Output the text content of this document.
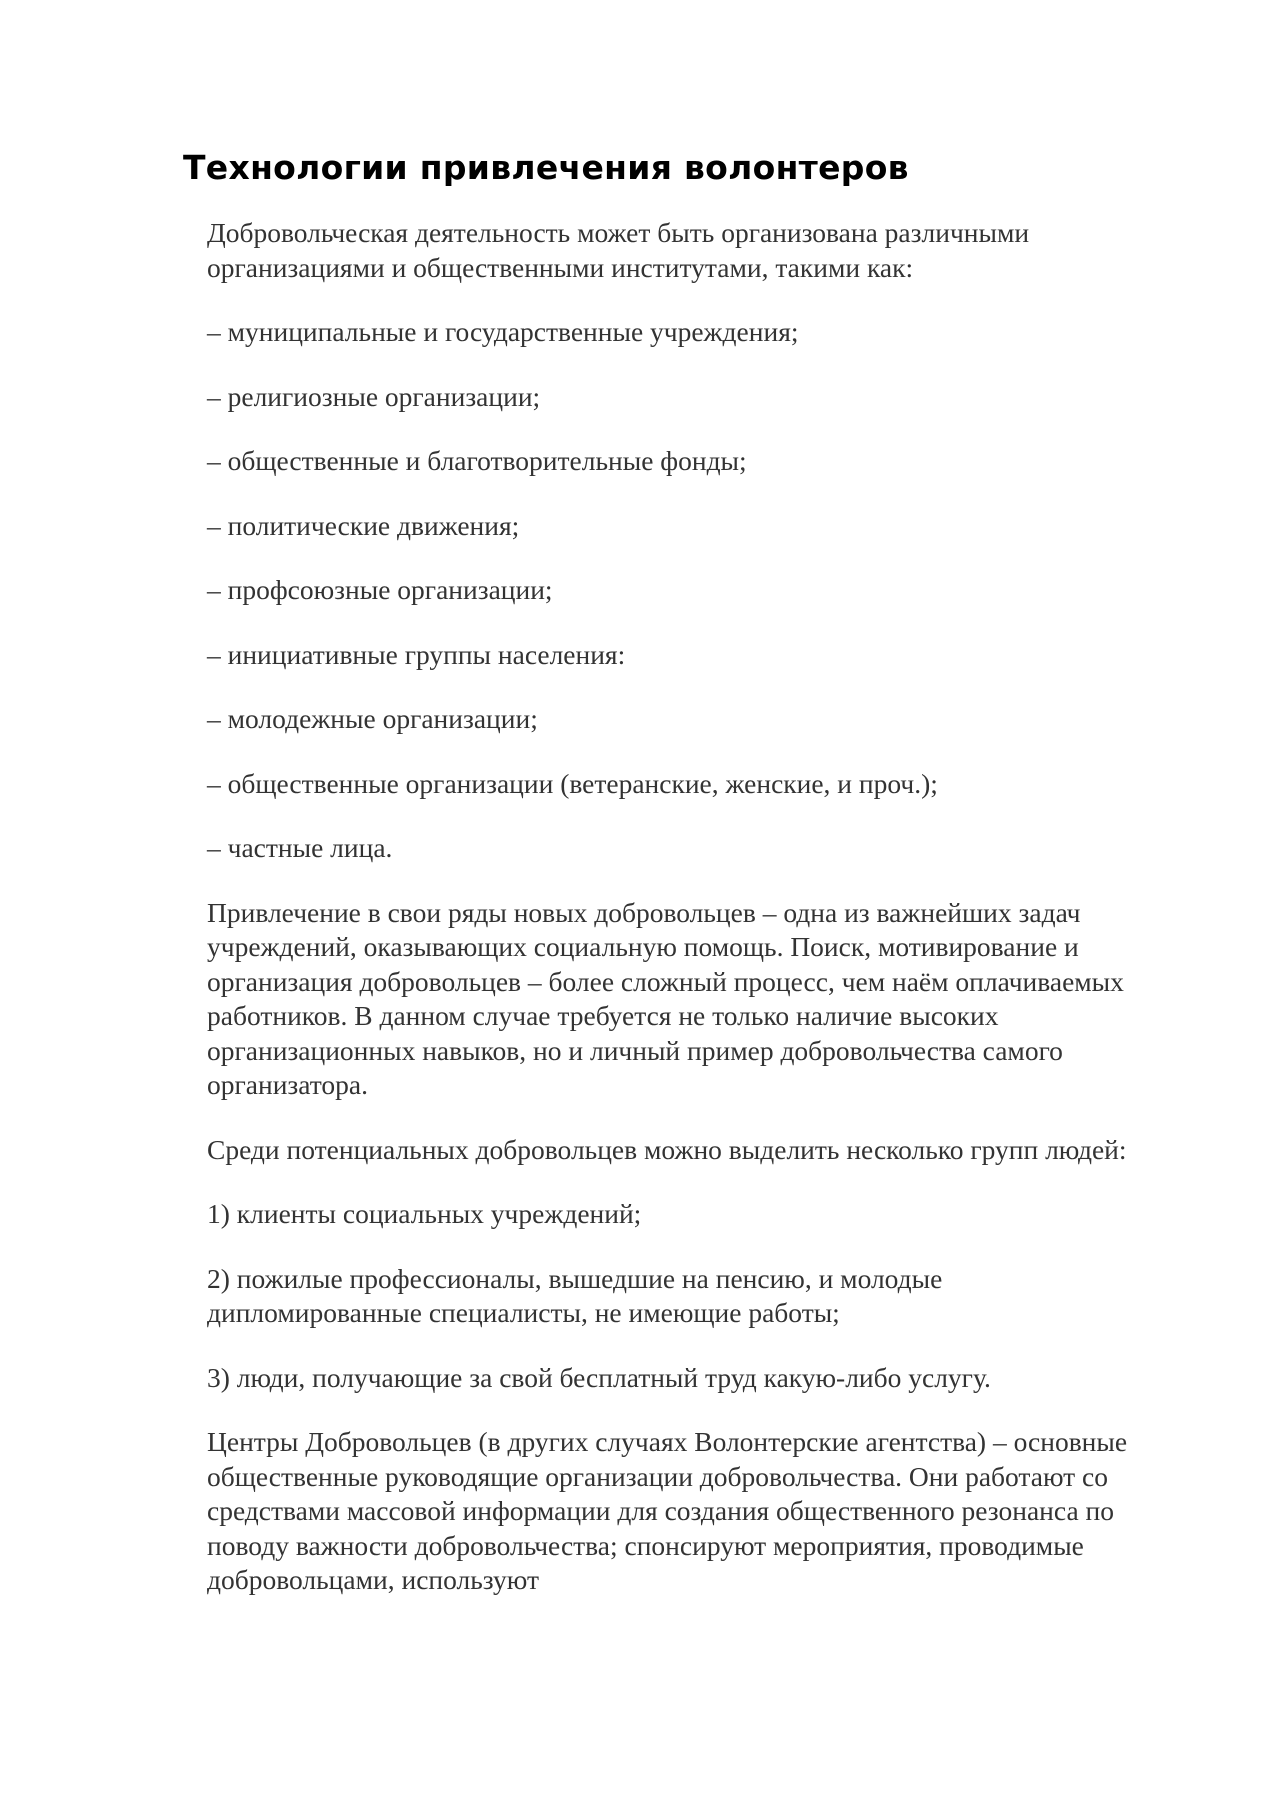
Технологии привлечения волонтеров

Добровольческая деятельность может быть организована различными организациями и общественными институтами, такими как:

– муниципальные и государственные учреждения;

– религиозные организации;

– общественные и благотворительные фонды;

– политические движения;

– профсоюзные организации;

– инициативные группы населения:

– молодежные организации;

– общественные организации (ветеранские, женские, и проч.);

– частные лица.

Привлечение в свои ряды новых добровольцев – одна из важнейших задач учреждений, оказывающих социальную помощь. Поиск, мотивирование и организация добровольцев – более сложный процесс, чем наём оплачиваемых работников. В данном случае требуется не только наличие высоких организационных навыков, но и личный пример добровольчества самого организатора.

Среди потенциальных добровольцев можно выделить несколько групп людей:

1) клиенты социальных учреждений;

2) пожилые профессионалы, вышедшие на пенсию, и молодые дипломированные специалисты, не имеющие работы;

3) люди, получающие за свой бесплатный труд какую-либо услугу.

Центры Добровольцев (в других случаях Волонтерские агентства) – основные общественные руководящие организации добровольчества. Они работают со средствами массовой информации для создания общественного резонанса по поводу важности добровольчества; спонсируют мероприятия, проводимые добровольцами, используют
